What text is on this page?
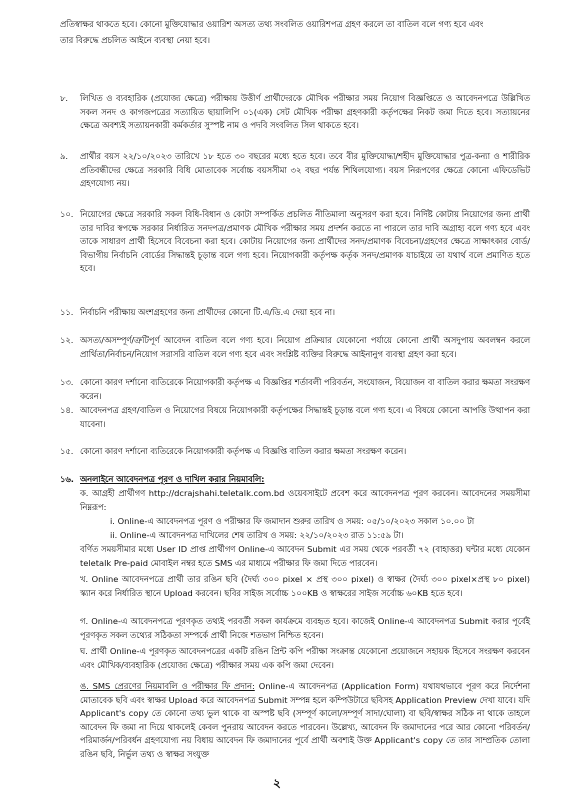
প্রতিস্বাক্ষর থাকতে হবে। কোনো মুক্তিযোদ্ধার ওয়ারিশ অসত্য তথ্য সংবলিত ওয়ারিশপত্র গ্রহণ করলে তা বাতিল বলে গণ্য হবে এবং

তার বিরুদ্ধে প্রচলিত আইনে ব্যবস্থা নেয়া হবে।

৮. লিখিত ও ব্যবহারিক (প্রযোজ্য ক্ষেত্রে) পরীক্ষায় উত্তীর্ণ প্রার্থীদেরকে মৌখিক পরীক্ষার সময় নিয়োগ বিজ্ঞপ্তিতে ও আবেদনপত্রে উল্লিখিত সকল সনদ ও কাগজপত্রের সত্যায়িত ছায়ালিপি ০১(এক) সেট মৌখিক পরীক্ষা গ্রহণকারী কর্তৃপক্ষের নিকট জমা দিতে হবে। সত্যায়নের ক্ষেত্রে অবশ্যই সত্যায়নকারী কর্মকর্তার সুস্পষ্ট নাম ও পদবি সংবলিত সিল থাকতে হবে।

৯. প্রার্থীর বয়স ২২/১০/২০২৩ তারিখে ১৮ হতে ৩০ বছরের মধ্যে হতে হবে। তবে বীর মুক্তিযোদ্ধা/শহীদ মুক্তিযোদ্ধার পুত্র-কন্যা ও শারীরিক প্রতিবন্ধীদের ক্ষেত্রে সরকারি বিধি মোতাবেক সর্বোচ্চ বয়সসীমা ৩২ বছর পর্যন্ত শিথিলযোগ্য। বয়স নিরূপণের ক্ষেত্রে কোনো এফিডেভিট গ্রহণযোগ্য নয়।

১০. নিয়োগের ক্ষেত্রে সরকারি সকল বিধি-বিধান ও কোটা সম্পর্কিত প্রচলিত নীতিমালা অনুসরণ করা হবে। নির্দিষ্ট কোটায় নিয়োগের জন্য প্রার্থী তার দাবির স্বপক্ষে সরকার নির্ধারিত সনদপত্র/প্রমাণক মৌখিক পরীক্ষার সময় প্রদর্শন করতে না পারলে তার দাবি অগ্রাহ্য বলে গণ্য হবে এবং তাকে সাধারণ প্রার্থী হিসেবে বিবেচনা করা হবে। কোটায় নিয়োগের জন্য প্রার্থীদের সনদ/প্রমাণক বিবেচনা/গ্রহণের ক্ষেত্রে সাক্ষাৎকার বোর্ড/বিভাগীয় নির্বাচনি বোর্ডের সিদ্ধান্তই চূড়ান্ত বলে গণ্য হবে। নিয়োগকারী কর্তৃপক্ষ কর্তৃক সনদ/প্রমাণক যাচাইয়ে তা যথার্থ বলে প্রমাণিত হতে হবে।

১১. নির্বাচনি পরীক্ষায় অংশগ্রহণের জন্য প্রার্থীদের কোনো টি.এ/ডি.এ দেয়া হবে না।

১২. অসত্য/অসম্পূর্ণ/ত্রুটিপূর্ণ আবেদন বাতিল বলে গণ্য হবে। নিয়োগ প্রক্রিয়ার যেকোনো পর্যায়ে কোনো প্রার্থী অসদুপায় অবলম্বন করলে প্রার্থিতা/নির্বাচন/নিয়োগ সরাসরি বাতিল বলে গণ্য হবে এবং সংশ্লিষ্ট ব্যক্তির বিরুদ্ধে আইনানুগ ব্যবস্থা গ্রহণ করা হবে।

১৩. কোনো কারণ দর্শানো ব্যতিরেকে নিয়োগকারী কর্তৃপক্ষ এ বিজ্ঞপ্তির শর্তাবলী পরিবর্তন, সংযোজন, বিয়োজন বা বাতিল করার ক্ষমতা সংরক্ষণ করেন।

১৪. আবেদনপত্র গ্রহণ/বাতিল ও নিয়োগের বিষয়ে নিয়োগকারী কর্তৃপক্ষের সিদ্ধান্তই চূড়ান্ত বলে গণ্য হবে। এ বিষয়ে কোনো আপত্তি উত্থাপন করা যাবেনা।

১৫. কোনো কারণ দর্শানো ব্যতিরেকে নিয়োগকারী কর্তৃপক্ষ এ বিজ্ঞপ্তি বাতিল করার ক্ষমতা সংরক্ষণ করেন।

১৬. অনলাইনে আবেদনপত্র পূরণ ও দাখিল করার নিয়মাবলি:

ক. আগ্রহী প্রার্থীগণ http://dcrajshahi.teletalk.com.bd ওয়েবসাইটে প্রবেশ করে আবেদনপত্র পূরণ করবেন। আবেদনের সময়সীমা নিম্নরূপ:

i. Online-এ আবেদনপত্র পূরণ ও পরীক্ষার ফি জমাদান শুরুর তারিখ ও সময়: ০৫/১০/২০২৩ সকাল ১০.০০ টা

ii. Online-এ আবেদনপত্র দাখিলের শেষ তারিখ ও সময়: ২২/১০/২০২৩ রাত ১১:৫৯ টা।

বর্ণিত সময়সীমার মধ্যে User ID প্রাপ্ত প্রার্থীগণ Online-এ আবেদন Submit এর সময় থেকে পরবর্তী ৭২ (বাহাত্তর) ঘন্টার মধ্যে যেকোন teletalk Pre-paid মোবাইল নম্বর হতে SMS এর মাধ্যমে পরীক্ষার ফি জমা দিতে পারবেন।

খ. Online আবেদনপত্রে প্রার্থী তার রঙিন ছবি (দৈর্ঘ্য ৩০০ pixel × প্রস্থ ৩০০ pixel) ও স্বাক্ষর (দৈর্ঘ্য ৩০০ pixel×প্রস্থ ৮০ pixel) স্ক্যান করে নির্ধারিত স্থানে Upload করবেন। ছবির সাইজ সর্বোচ্চ ১০০KB ও স্বাক্ষরের সাইজ সর্বোচ্চ ৬০KB হতে হবে।

গ. Online-এ আবেদনপত্রে পূরণকৃত তথ্যই পরবর্তী সকল কার্যক্রমে ব্যবহৃত হবে। কাজেই Online-এ আবেদনপত্র Submit করার পূর্বেই পূরণকৃত সকল তথ্যের সঠিকতা সম্পর্কে প্রার্থী নিজে শতভাগ নিশ্চিত হবেন।

ঘ. প্রার্থী Online-এ পূরণকৃত আবেদনপত্রের একটি রঙিন প্রিন্ট কপি পরীক্ষা সংক্রান্ত যেকোনো প্রয়োজনে সহায়ক হিসেবে সংরক্ষণ করবেন এবং মৌখিক/ব্যবহারিক (প্রযোজ্য ক্ষেত্রে) পরীক্ষার সময় এক কপি জমা দেবেন।

ঙ. SMS প্রেরণের নিয়মাবলি ও পরীক্ষার ফি প্রদান: Online-এ আবেদনপত্র (Application Form) যথাযথভাবে পূরণ করে নির্দেশনা মোতাবেক ছবি এবং স্বাক্ষর Upload করে আবেদনপত্র Submit সম্পন্ন হলে কম্পিউটারে ছবিসহ Application Preview দেখা যাবে। যদি Applicant's copy তে কোনো তথ্য ভুল থাকে বা অস্পষ্ট ছবি (সম্পূর্ণ কালো/সম্পূর্ণ সাদা/ঘোলা) বা ছবি/স্বাক্ষর সঠিক না থাকে তাহলে আবেদন ফি জমা না দিয়ে থাকলেই কেবল পুনরায় আবেদন করতে পারবেন। উল্লেখ্য, আবেদন ফি জমাদানের পরে আর কোনো পরিবর্তন/পরিমার্জন/পরিবর্ধন গ্রহণযোগ্য নয় বিধায় আবেদন ফি জমাদানের পূর্বে প্রার্থী অবশ্যই উক্ত Applicant's copy তে তার সাম্প্রতিক তোলা রঙিন ছবি, নির্ভুল তথ্য ও স্বাক্ষর সংযুক্ত

২
